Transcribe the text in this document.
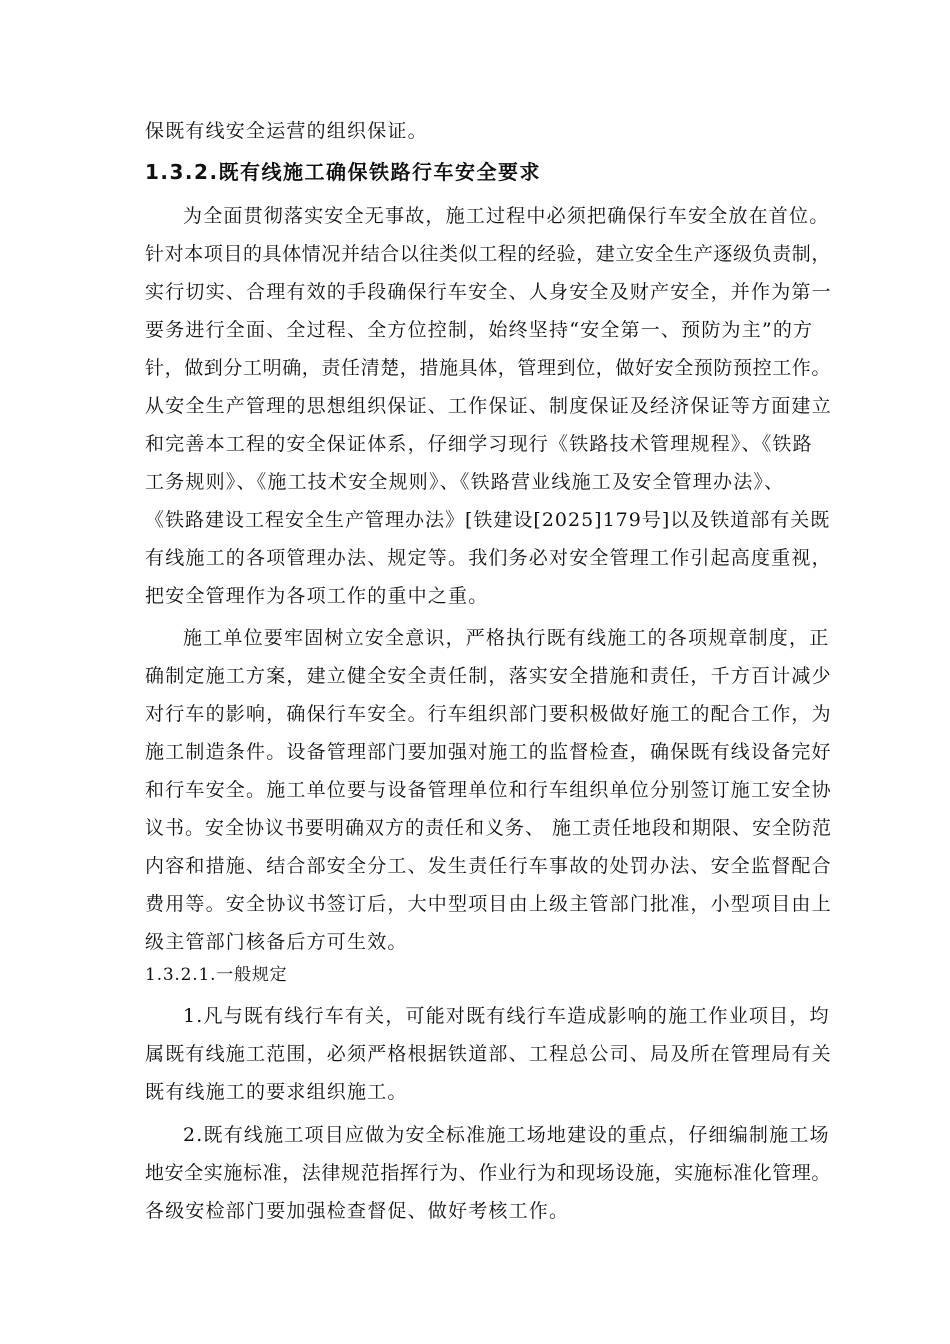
保既有线安全运营的组织保证。
1.3.2.既有线施工确保铁路行车安全要求
为全面贯彻落实安全无事故，施工过程中必须把确保行车安全放在首位。
针对本项目的具体情况并结合以往类似工程的经验，建立安全生产逐级负责制，
实行切实、合理有效的手段确保行车安全、人身安全及财产安全，并作为第一
要务进行全面、全过程、全方位控制，始终坚持“安全第一、预防为主”的方
针，做到分工明确，责任清楚，措施具体，管理到位，做好安全预防预控工作。
从安全生产管理的思想组织保证、工作保证、制度保证及经济保证等方面建立
和完善本工程的安全保证体系，仔细学习现行《铁路技术管理规程》、《铁路
工务规则》、《施工技术安全规则》、《铁路营业线施工及安全管理办法》、
《铁路建设工程安全生产管理办法》[铁建设[2025]179号]以及铁道部有关既
有线施工的各项管理办法、规定等。我们务必对安全管理工作引起高度重视，
把安全管理作为各项工作的重中之重。
施工单位要牢固树立安全意识，严格执行既有线施工的各项规章制度，正
确制定施工方案，建立健全安全责任制，落实安全措施和责任，千方百计减少
对行车的影响，确保行车安全。行车组织部门要积极做好施工的配合工作，为
施工制造条件。设备管理部门要加强对施工的监督检查，确保既有线设备完好
和行车安全。施工单位要与设备管理单位和行车组织单位分别签订施工安全协
议书。安全协议书要明确双方的责任和义务、 施工责任地段和期限、安全防范
内容和措施、结合部安全分工、发生责任行车事故的处罚办法、安全监督配合
费用等。安全协议书签订后，大中型项目由上级主管部门批准，小型项目由上
级主管部门核备后方可生效。
1.3.2.1.一般规定
1.凡与既有线行车有关，可能对既有线行车造成影响的施工作业项目，均
属既有线施工范围，必须严格根据铁道部、工程总公司、局及所在管理局有关
既有线施工的要求组织施工。
2.既有线施工项目应做为安全标准施工场地建设的重点，仔细编制施工场
地安全实施标准，法律规范指挥行为、作业行为和现场设施，实施标准化管理。
各级安检部门要加强检查督促、做好考核工作。
